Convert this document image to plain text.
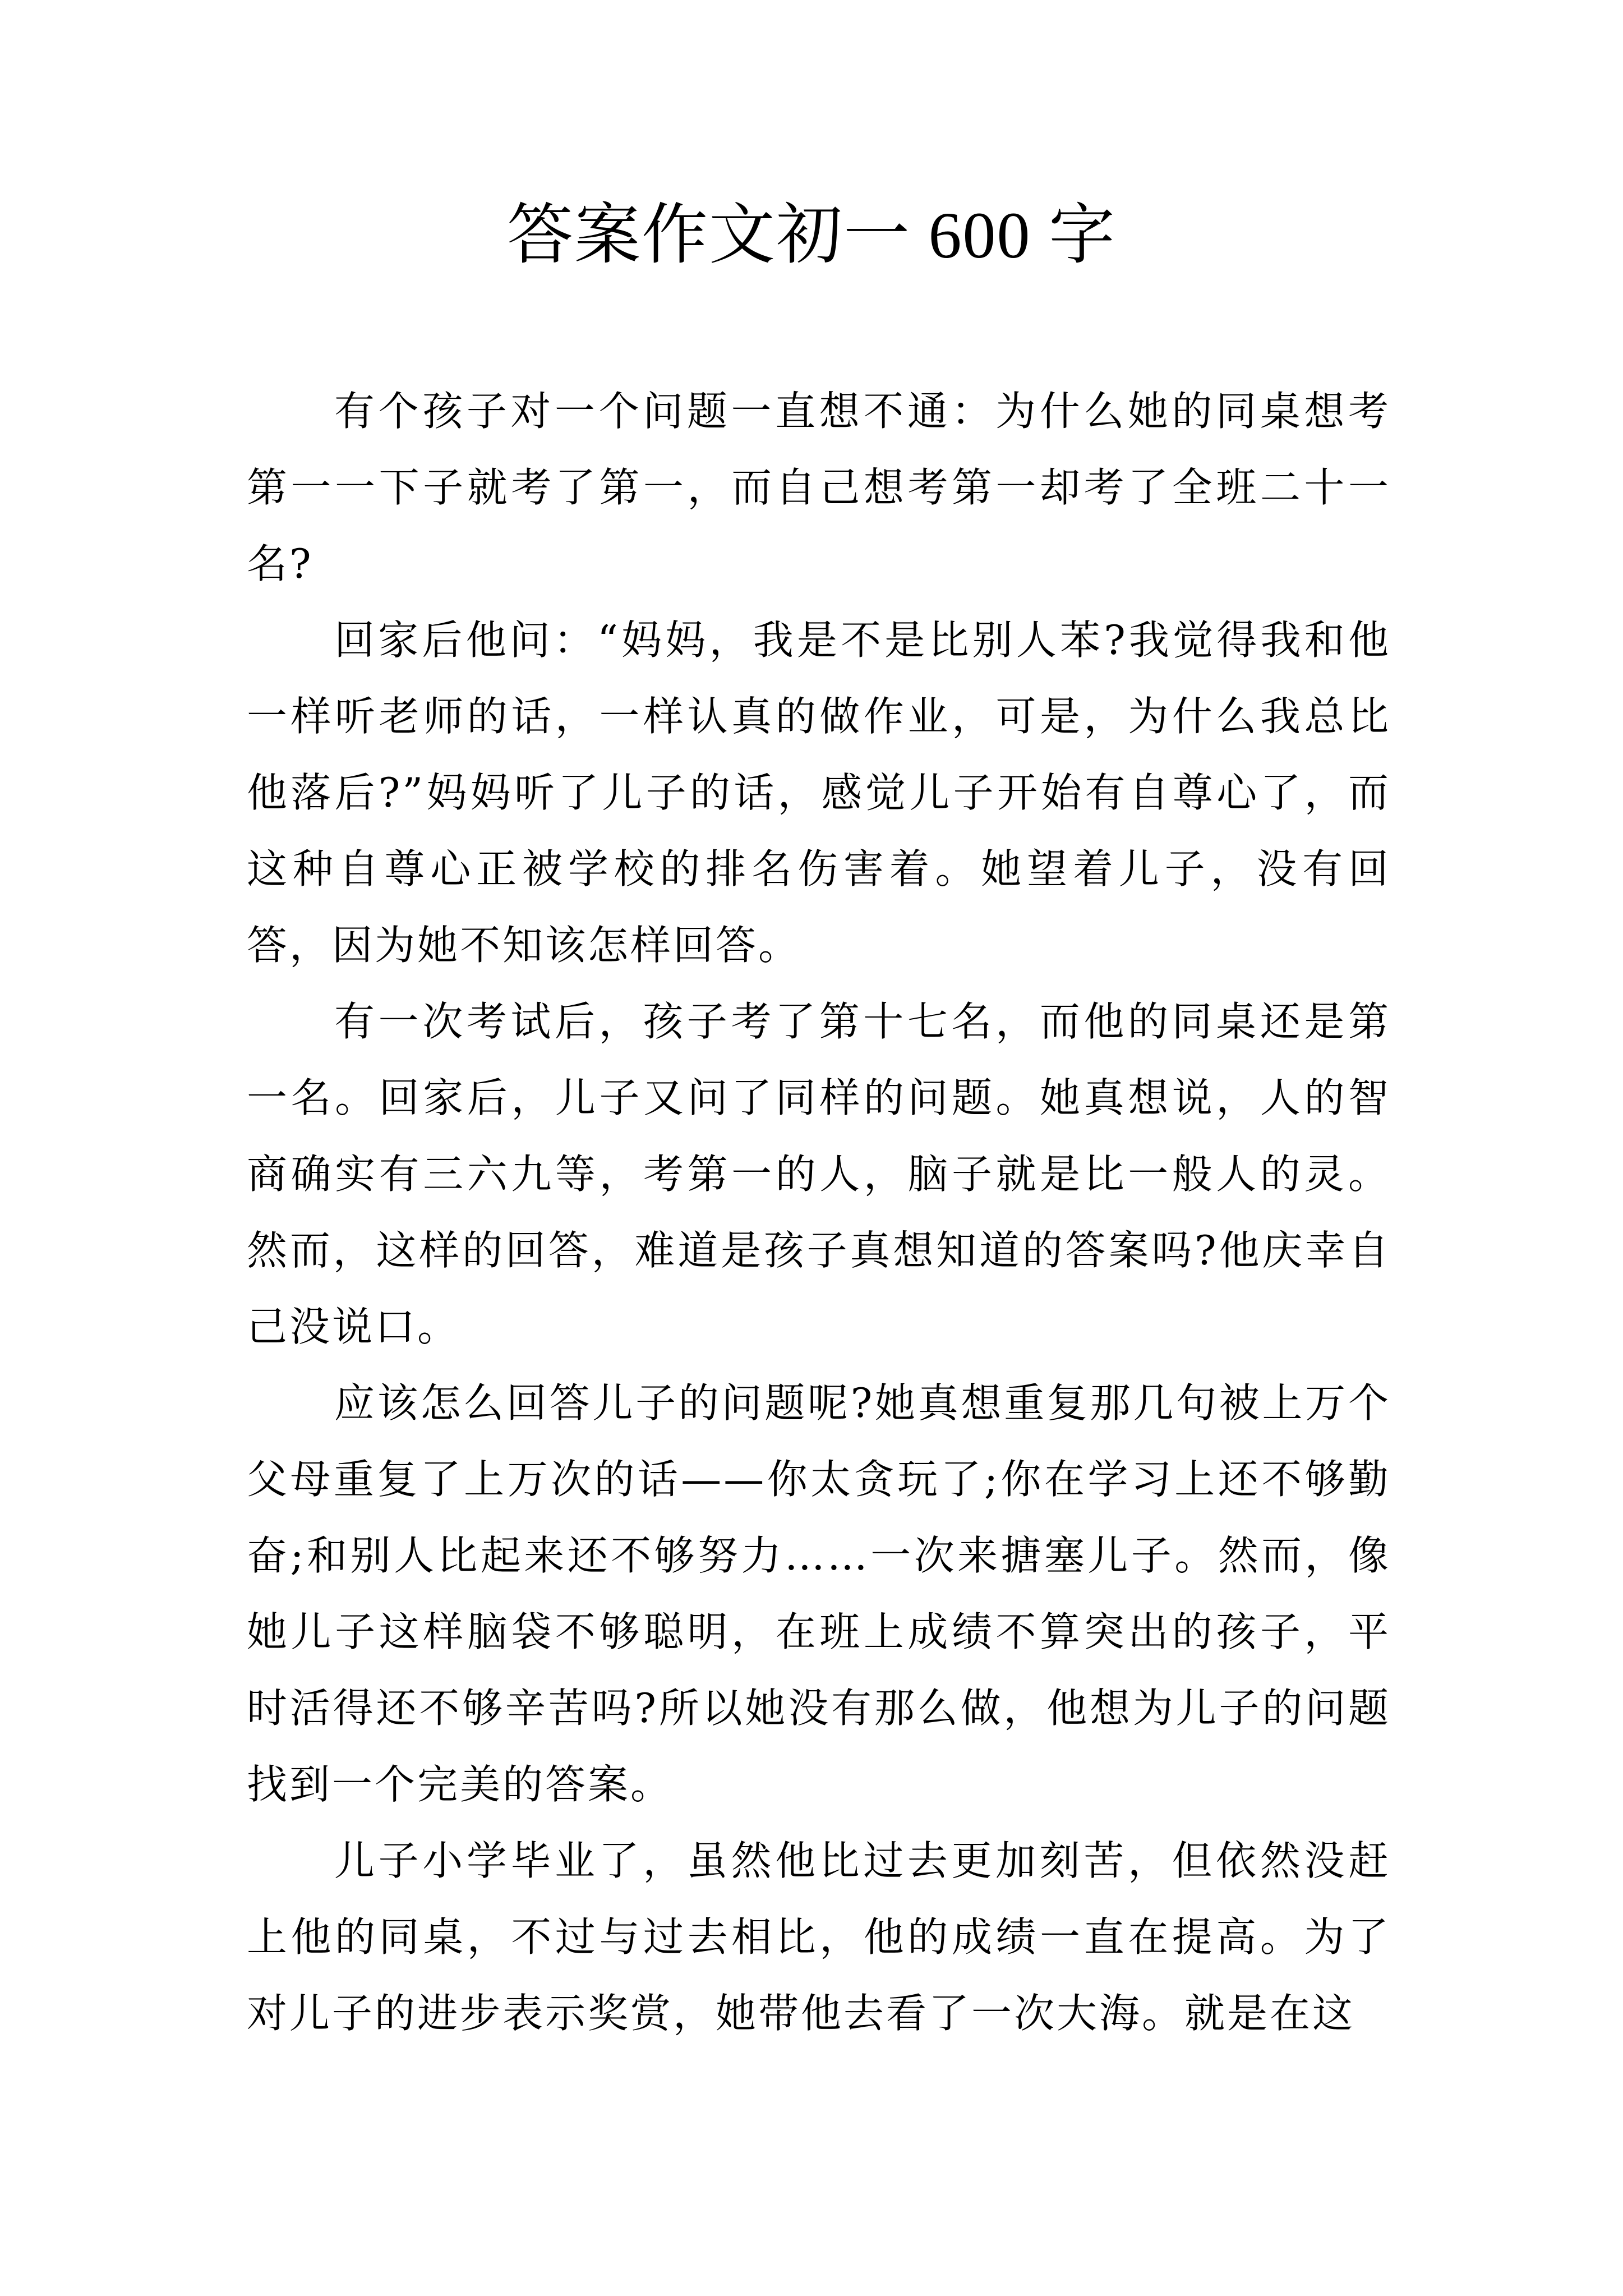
答案作文初一 600 字

有个孩子对一个问题一直想不通：为什么她的同桌想考第一一下子就考了第一，而自己想考第一却考了全班二十一名?

回家后他问：“妈妈，我是不是比别人苯?我觉得我和他一样听老师的话，一样认真的做作业，可是，为什么我总比他落后?”妈妈听了儿子的话，感觉儿子开始有自尊心了，而这种自尊心正被学校的排名伤害着。她望着儿子，没有回答，因为她不知该怎样回答。

有一次考试后，孩子考了第十七名，而他的同桌还是第一名。回家后，儿子又问了同样的问题。她真想说，人的智商确实有三六九等，考第一的人，脑子就是比一般人的灵。然而，这样的回答，难道是孩子真想知道的答案吗?他庆幸自己没说口。

应该怎么回答儿子的问题呢?她真想重复那几句被上万个父母重复了上万次的话——你太贪玩了;你在学习上还不够勤奋;和别人比起来还不够努力……一次来搪塞儿子。然而，像她儿子这样脑袋不够聪明，在班上成绩不算突出的孩子，平时活得还不够辛苦吗?所以她没有那么做，他想为儿子的问题找到一个完美的答案。

儿子小学毕业了，虽然他比过去更加刻苦，但依然没赶上他的同桌，不过与过去相比，他的成绩一直在提高。为了对儿子的进步表示奖赏，她带他去看了一次大海。就是在这
